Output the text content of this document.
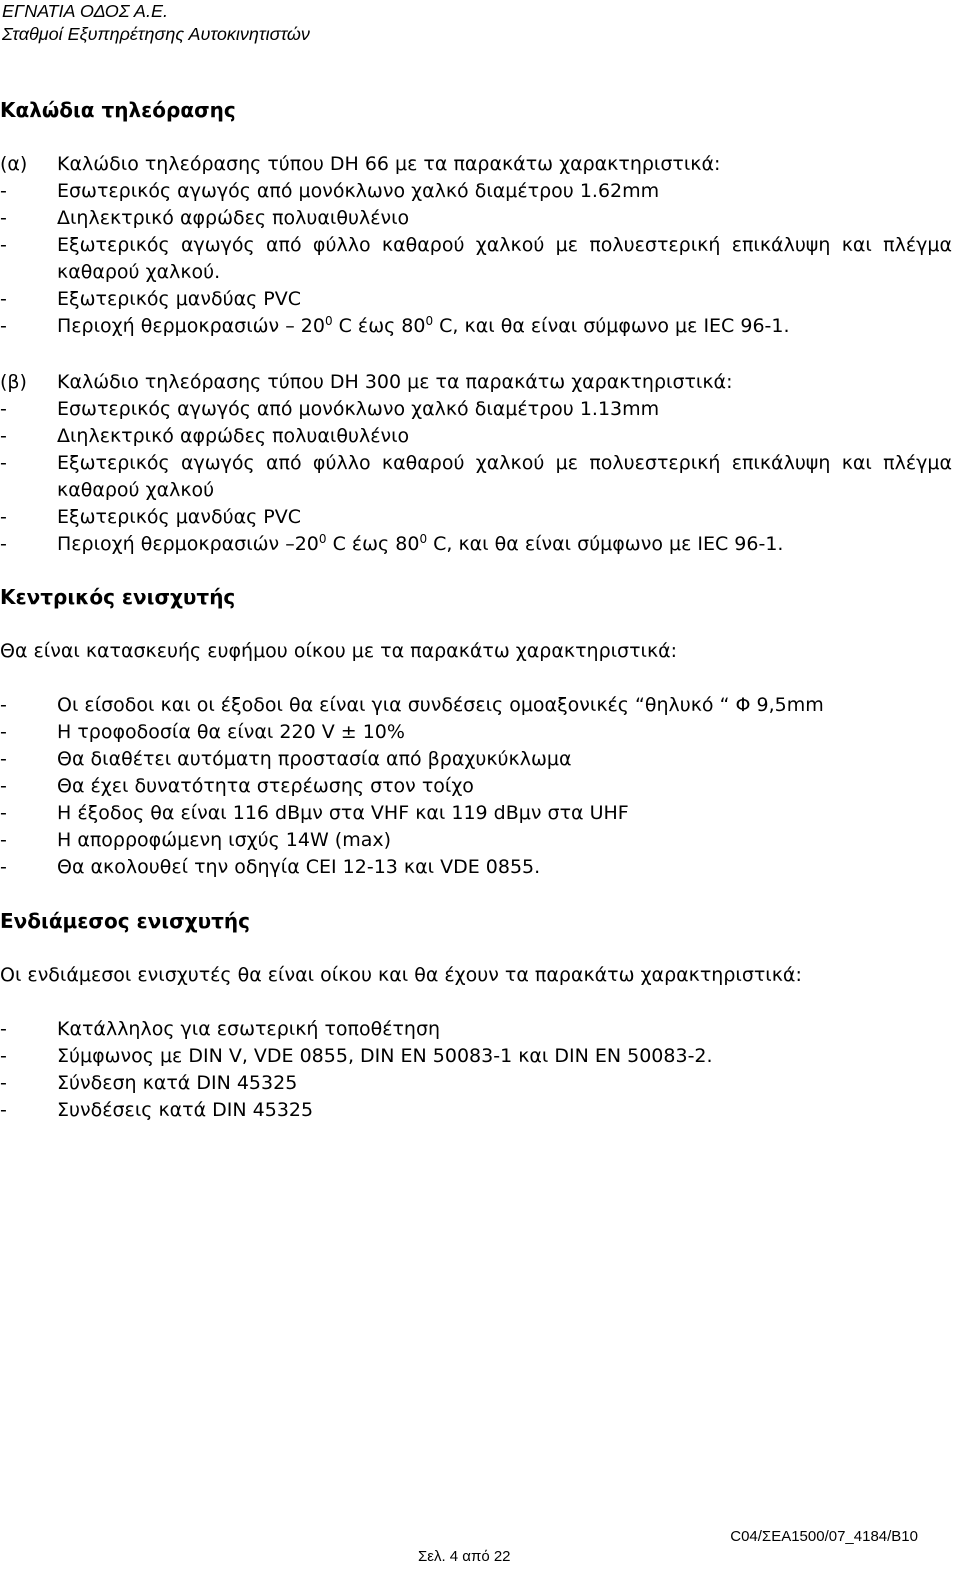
ΕΓΝΑΤΙΑ ΟΔΟΣ Α.Ε.
Σταθμοί Εξυπηρέτησης Αυτοκινητιστών
Καλώδια τηλεόρασης
(α) Καλώδιο τηλεόρασης τύπου DH 66 με τα παρακάτω χαρακτηριστικά:
-	Εσωτερικός αγωγός από μονόκλωνο χαλκό διαμέτρου 1.62mm
-	Διηλεκτρικό αφρώδες πολυαιθυλένιο
-	Εξωτερικός αγωγός από φύλλο καθαρού χαλκού με πολυεστερική επικάλυψη και πλέγμα καθαρού χαλκού.
-	Εξωτερικός μανδύας PVC
-	Περιοχή θερμοκρασιών – $20^0$ C έως $80^0$ C, και θα είναι σύμφωνο με IEC 96-1.
(β) Καλώδιο τηλεόρασης τύπου DH 300 με τα παρακάτω χαρακτηριστικά:
-	Εσωτερικός αγωγός από μονόκλωνο χαλκό διαμέτρου 1.13mm
-	Διηλεκτρικό αφρώδες πολυαιθυλένιο
-	Εξωτερικός αγωγός από φύλλο καθαρού χαλκού με πολυεστερική επικάλυψη και πλέγμα καθαρού χαλκού
-	Εξωτερικός μανδύας PVC
-	Περιοχή θερμοκρασιών $-20^0$ C έως $80^0$ C, και θα είναι σύμφωνο με IEC 96-1.
Κεντρικός ενισχυτής
Θα είναι κατασκευής ευφήμου οίκου με τα παρακάτω χαρακτηριστικά:
-	Οι είσοδοι και οι έξοδοι θα είναι για συνδέσεις ομοαξονικές “θηλυκό “ Φ 9,5mm
-	Η τροφοδοσία θα είναι 220 V ± 10%
-	Θα διαθέτει αυτόματη προστασία από βραχυκύκλωμα
-	Θα έχει δυνατότητα στερέωσης στον τοίχο
-	Η έξοδος θα είναι 116 dBμν στα VHF και 119 dBμν στα UHF
-	Η απορροφώμενη ισχύς 14W (max)
-	Θα ακολουθεί την οδηγία CEI 12-13 και VDE 0855.
Ενδιάμεσος ενισχυτής
Οι ενδιάμεσοι ενισχυτές θα είναι οίκου και θα έχουν τα παρακάτω χαρακτηριστικά:
-	Κατάλληλος για εσωτερική τοποθέτηση
-	Σύμφωνος με DIN V, VDE 0855, DIN EN 50083-1 και DIN EN 50083-2.
-	Σύνδεση κατά DIN 45325
-	Συνδέσεις κατά DIN 45325
C04/ΣΕΑ1500/07_4184/B10
Σελ. 4 από 22
